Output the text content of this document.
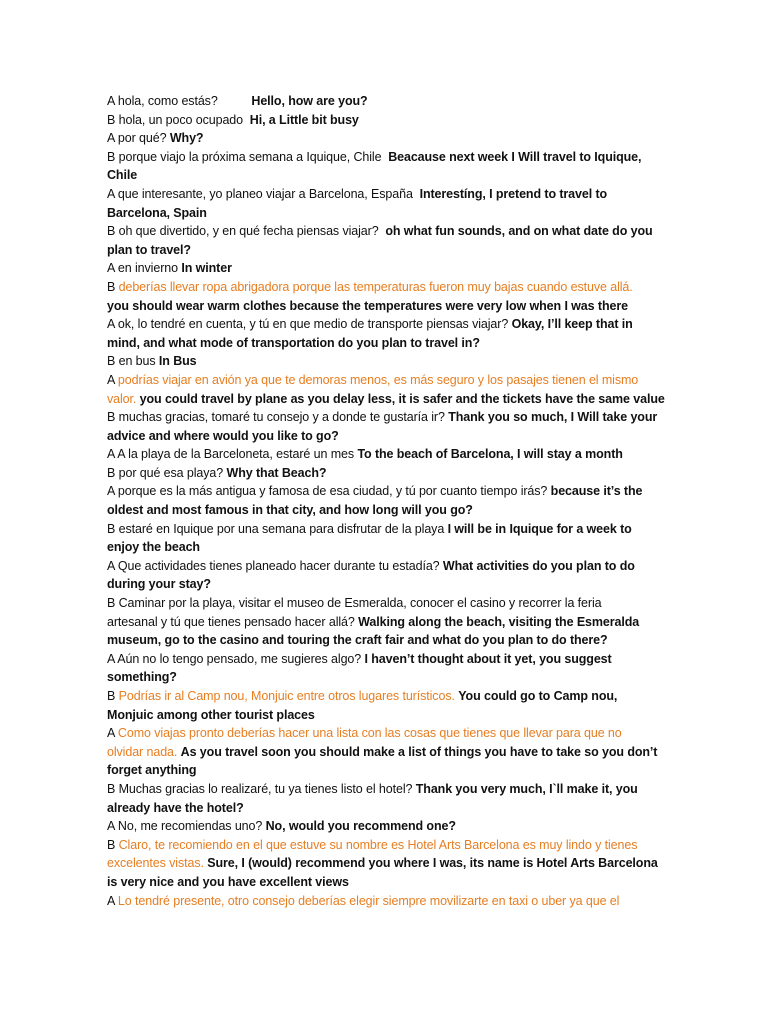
A hola, como estás?          Hello, how are you?
B hola, un poco ocupado  Hi, a Little bit busy
A por qué? Why?
B porque viajo la próxima semana a Iquique, Chile  Beacause next week I Will travel to Iquique,
Chile
A que interesante, yo planeo viajar a Barcelona, España  Interestíng, I pretend to travel to
Barcelona, Spain
B oh que divertido, y en qué fecha piensas viajar?  oh what fun sounds, and on what date do you
plan to travel?
A en invierno In winter
B deberías llevar ropa abrigadora porque las temperaturas fueron muy bajas cuando estuve allá.
you should wear warm clothes because the temperatures were very low when I was there
A ok, lo tendré en cuenta, y tú en que medio de transporte piensas viajar? Okay, I’ll keep that in
mind, and what mode of transportation do you plan to travel in?
B en bus In Bus
A podrías viajar en avión ya que te demoras menos, es más seguro y los pasajes tienen el mismo
valor. you could travel by plane as you delay less, it is safer and the tickets have the same value
B muchas gracias, tomaré tu consejo y a donde te gustaría ir? Thank you so much, I Will take your
advice and where would you like to go?
A A la playa de la Barceloneta, estaré un mes To the beach of Barcelona, I will stay a month
B por qué esa playa? Why that Beach?
A porque es la más antigua y famosa de esa ciudad, y tú por cuanto tiempo irás? because it’s the
oldest and most famous in that city, and how long will you go?
B estaré en Iquique por una semana para disfrutar de la playa I will be in Iquique for a week to
enjoy the beach
A Que actividades tienes planeado hacer durante tu estadía? What activities do you plan to do
during your stay?
B Caminar por la playa, visitar el museo de Esmeralda, conocer el casino y recorrer la feria
artesanal y tú que tienes pensado hacer allá? Walking along the beach, visiting the Esmeralda
museum, go to the casino and touring the craft fair and what do you plan to do there?
A Aún no lo tengo pensado, me sugieres algo? I haven’t thought about it yet, you suggest
something?
B Podrías ir al Camp nou, Monjuic entre otros lugares turísticos. You could go to Camp nou,
Monjuic among other tourist places
A Como viajas pronto deberías hacer una lista con las cosas que tienes que llevar para que no
olvidar nada. As you travel soon you should make a list of things you have to take so you don’t
forget anything
B Muchas gracias lo realizaré, tu ya tienes listo el hotel? Thank you very much, I`ll make it, you
already have the hotel?
A No, me recomiendas uno? No, would you recommend one?
B Claro, te recomiendo en el que estuve su nombre es Hotel Arts Barcelona es muy lindo y tienes
excelentes vistas. Sure, I (would) recommend you where I was, its name is Hotel Arts Barcelona
is very nice and you have excellent views
A Lo tendré presente, otro consejo deberías elegir siempre movilizarte en taxi o uber ya que el
